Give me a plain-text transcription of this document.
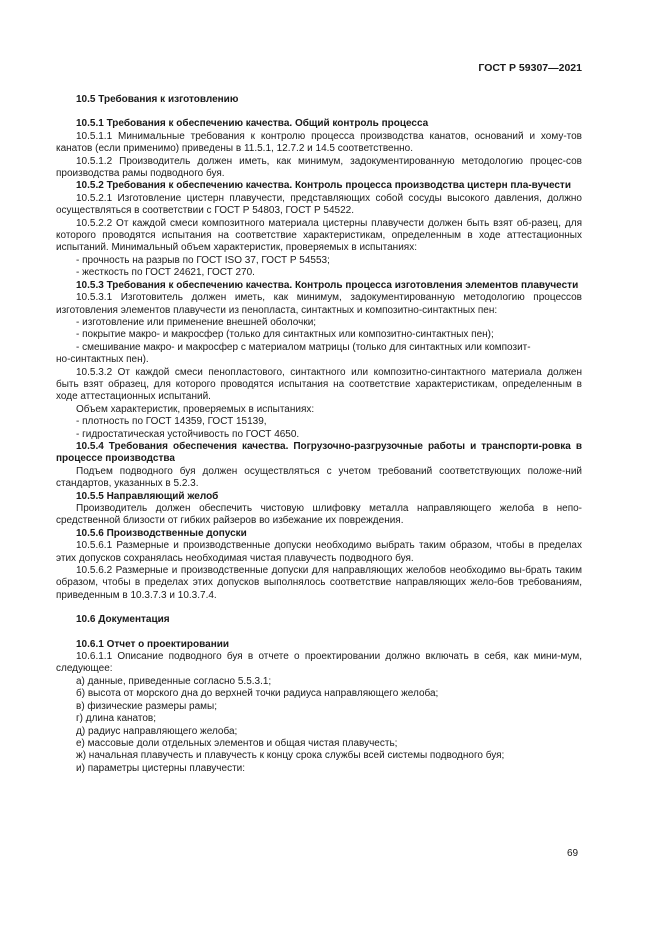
ГОСТ Р 59307—2021
10.5 Требования к изготовлению
10.5.1 Требования к обеспечению качества. Общий контроль процесса
10.5.1.1 Минимальные требования к контролю процесса производства канатов, оснований и хому-тов канатов (если применимо) приведены в 11.5.1, 12.7.2 и 14.5 соответственно.
10.5.1.2 Производитель должен иметь, как минимум, задокументированную методологию процес-сов производства рамы подводного буя.
10.5.2 Требования к обеспечению качества. Контроль процесса производства цистерн пла-вучести
10.5.2.1 Изготовление цистерн плавучести, представляющих собой сосуды высокого давления, должно осуществляться в соответствии с ГОСТ Р 54803, ГОСТ Р 54522.
10.5.2.2 От каждой смеси композитного материала цистерны плавучести должен быть взят об-разец, для которого проводятся испытания на соответствие характеристикам, определенным в ходе аттестационных испытаний. Минимальный объем характеристик, проверяемых в испытаниях:
- прочность на разрыв по ГОСТ ISO 37, ГОСТ Р 54553;
- жесткость по ГОСТ 24621, ГОСТ 270.
10.5.3 Требования к обеспечению качества. Контроль процесса изготовления элементов плавучести
10.5.3.1 Изготовитель должен иметь, как минимум, задокументированную методологию процессов изготовления элементов плавучести из пенопласта, синтактных и композитно-синтактных пен:
- изготовление или применение внешней оболочки;
- покрытие макро- и макросфер (только для синтактных или композитно-синтактных пен);
- смешивание макро- и макросфер с материалом матрицы (только для синтактных или композит-
но-синтактных пен).
10.5.3.2 От каждой смеси пенопластового, синтактного или композитно-синтактного материала должен быть взят образец, для которого проводятся испытания на соответствие характеристикам, определенным в ходе аттестационных испытаний.
Объем характеристик, проверяемых в испытаниях:
- плотность по ГОСТ 14359, ГОСТ 15139,
- гидростатическая устойчивость по ГОСТ 4650.
10.5.4 Требования обеспечения качества. Погрузочно-разгрузочные работы и транспорти-ровка в процессе производства
Подъем подводного буя должен осуществляться с учетом требований соответствующих положе-ний стандартов, указанных в 5.2.3.
10.5.5 Направляющий желоб
Производитель должен обеспечить чистовую шлифовку металла направляющего желоба в непо-средственной близости от гибких райзеров во избежание их повреждения.
10.5.6 Производственные допуски
10.5.6.1 Размерные и производственные допуски необходимо выбрать таким образом, чтобы в пределах этих допусков сохранялась необходимая чистая плавучесть подводного буя.
10.5.6.2 Размерные и производственные допуски для направляющих желобов необходимо вы-брать таким образом, чтобы в пределах этих допусков выполнялось соответствие направляющих жело-бов требованиям, приведенным в 10.3.7.3 и 10.3.7.4.
10.6 Документация
10.6.1 Отчет о проектировании
10.6.1.1 Описание подводного буя в отчете о проектировании должно включать в себя, как мини-мум, следующее:
а) данные, приведенные согласно 5.5.3.1;
б) высота от морского дна до верхней точки радиуса направляющего желоба;
в) физические размеры рамы;
г) длина канатов;
д) радиус направляющего желоба;
е) массовые доли отдельных элементов и общая чистая плавучесть;
ж) начальная плавучесть и плавучесть к концу срока службы всей системы подводного буя;
и) параметры цистерны плавучести:
69
